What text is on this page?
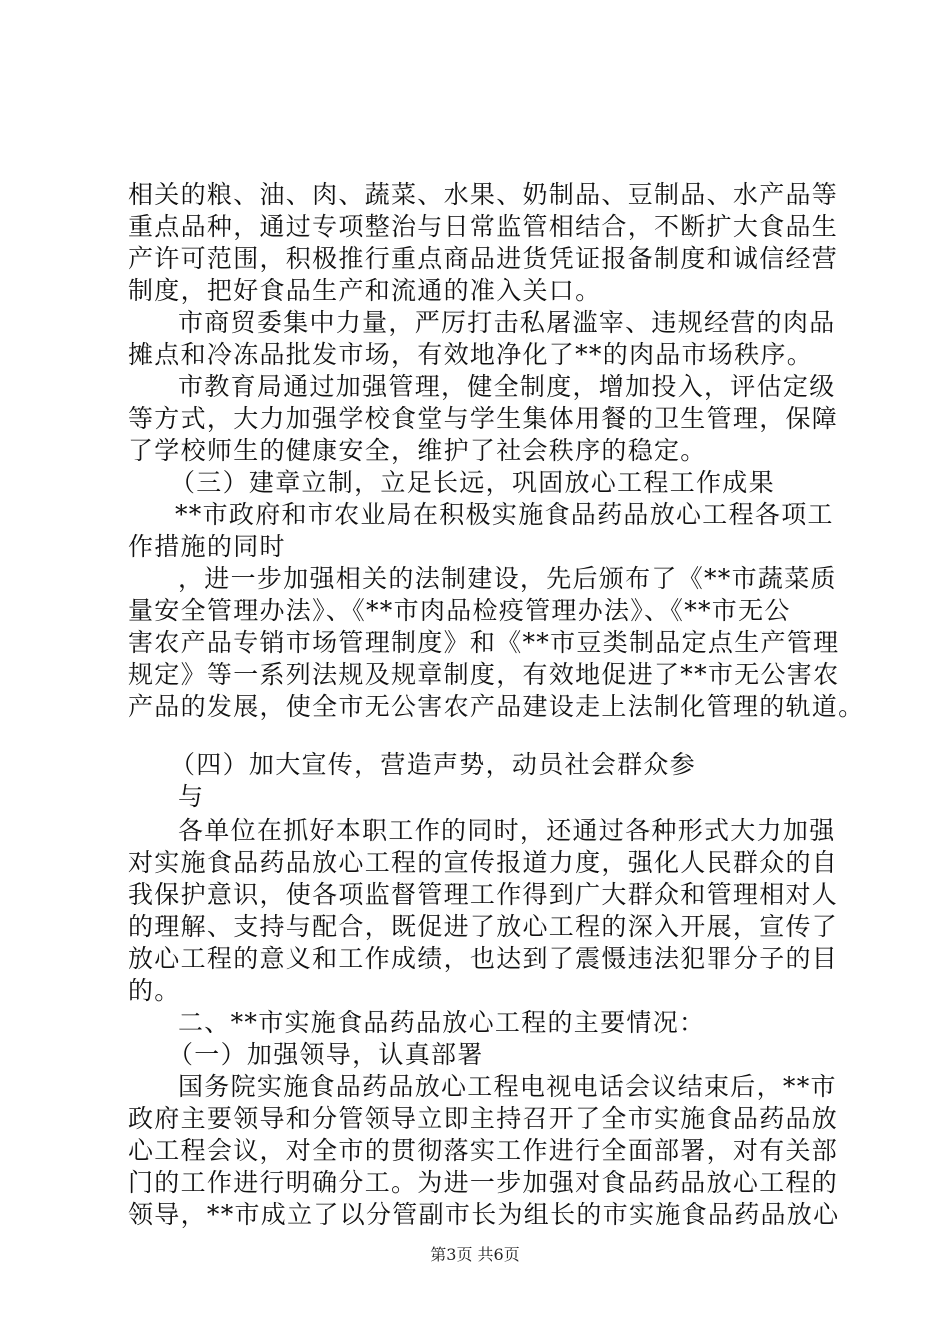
相关的粮、油、肉、蔬菜、水果、奶制品、豆制品、水产品等
重点品种，通过专项整治与日常监管相结合，不断扩大食品生
产许可范围，积极推行重点商品进货凭证报备制度和诚信经营
制度，把好食品生产和流通的准入关口。
市商贸委集中力量，严厉打击私屠滥宰、违规经营的肉品
摊点和冷冻品批发市场，有效地净化了**的肉品市场秩序。
市教育局通过加强管理，健全制度，增加投入，评估定级
等方式，大力加强学校食堂与学生集体用餐的卫生管理，保障
了学校师生的健康安全，维护了社会秩序的稳定。
（三）建章立制，立足长远，巩固放心工程工作成果
**市政府和市农业局在积极实施食品药品放心工程各项工
作措施的同时
，进一步加强相关的法制建设，先后颁布了《**市蔬菜质
量安全管理办法》、《**市肉品检疫管理办法》、《**市无公
害农产品专销市场管理制度》和《**市豆类制品定点生产管理
规定》等一系列法规及规章制度，有效地促进了**市无公害农
产品的发展，使全市无公害农产品建设走上法制化管理的轨道。
（四）加大宣传，营造声势，动员社会群众参
与
各单位在抓好本职工作的同时，还通过各种形式大力加强
对实施食品药品放心工程的宣传报道力度，强化人民群众的自
我保护意识，使各项监督管理工作得到广大群众和管理相对人
的理解、支持与配合，既促进了放心工程的深入开展，宣传了
放心工程的意义和工作成绩，也达到了震慑违法犯罪分子的目
的。
二、**市实施食品药品放心工程的主要情况：
（一）加强领导，认真部署
国务院实施食品药品放心工程电视电话会议结束后，**市
政府主要领导和分管领导立即主持召开了全市实施食品药品放
心工程会议，对全市的贯彻落实工作进行全面部署，对有关部
门的工作进行明确分工。为进一步加强对食品药品放心工程的
领导，**市成立了以分管副市长为组长的市实施食品药品放心
第3页 共6页
